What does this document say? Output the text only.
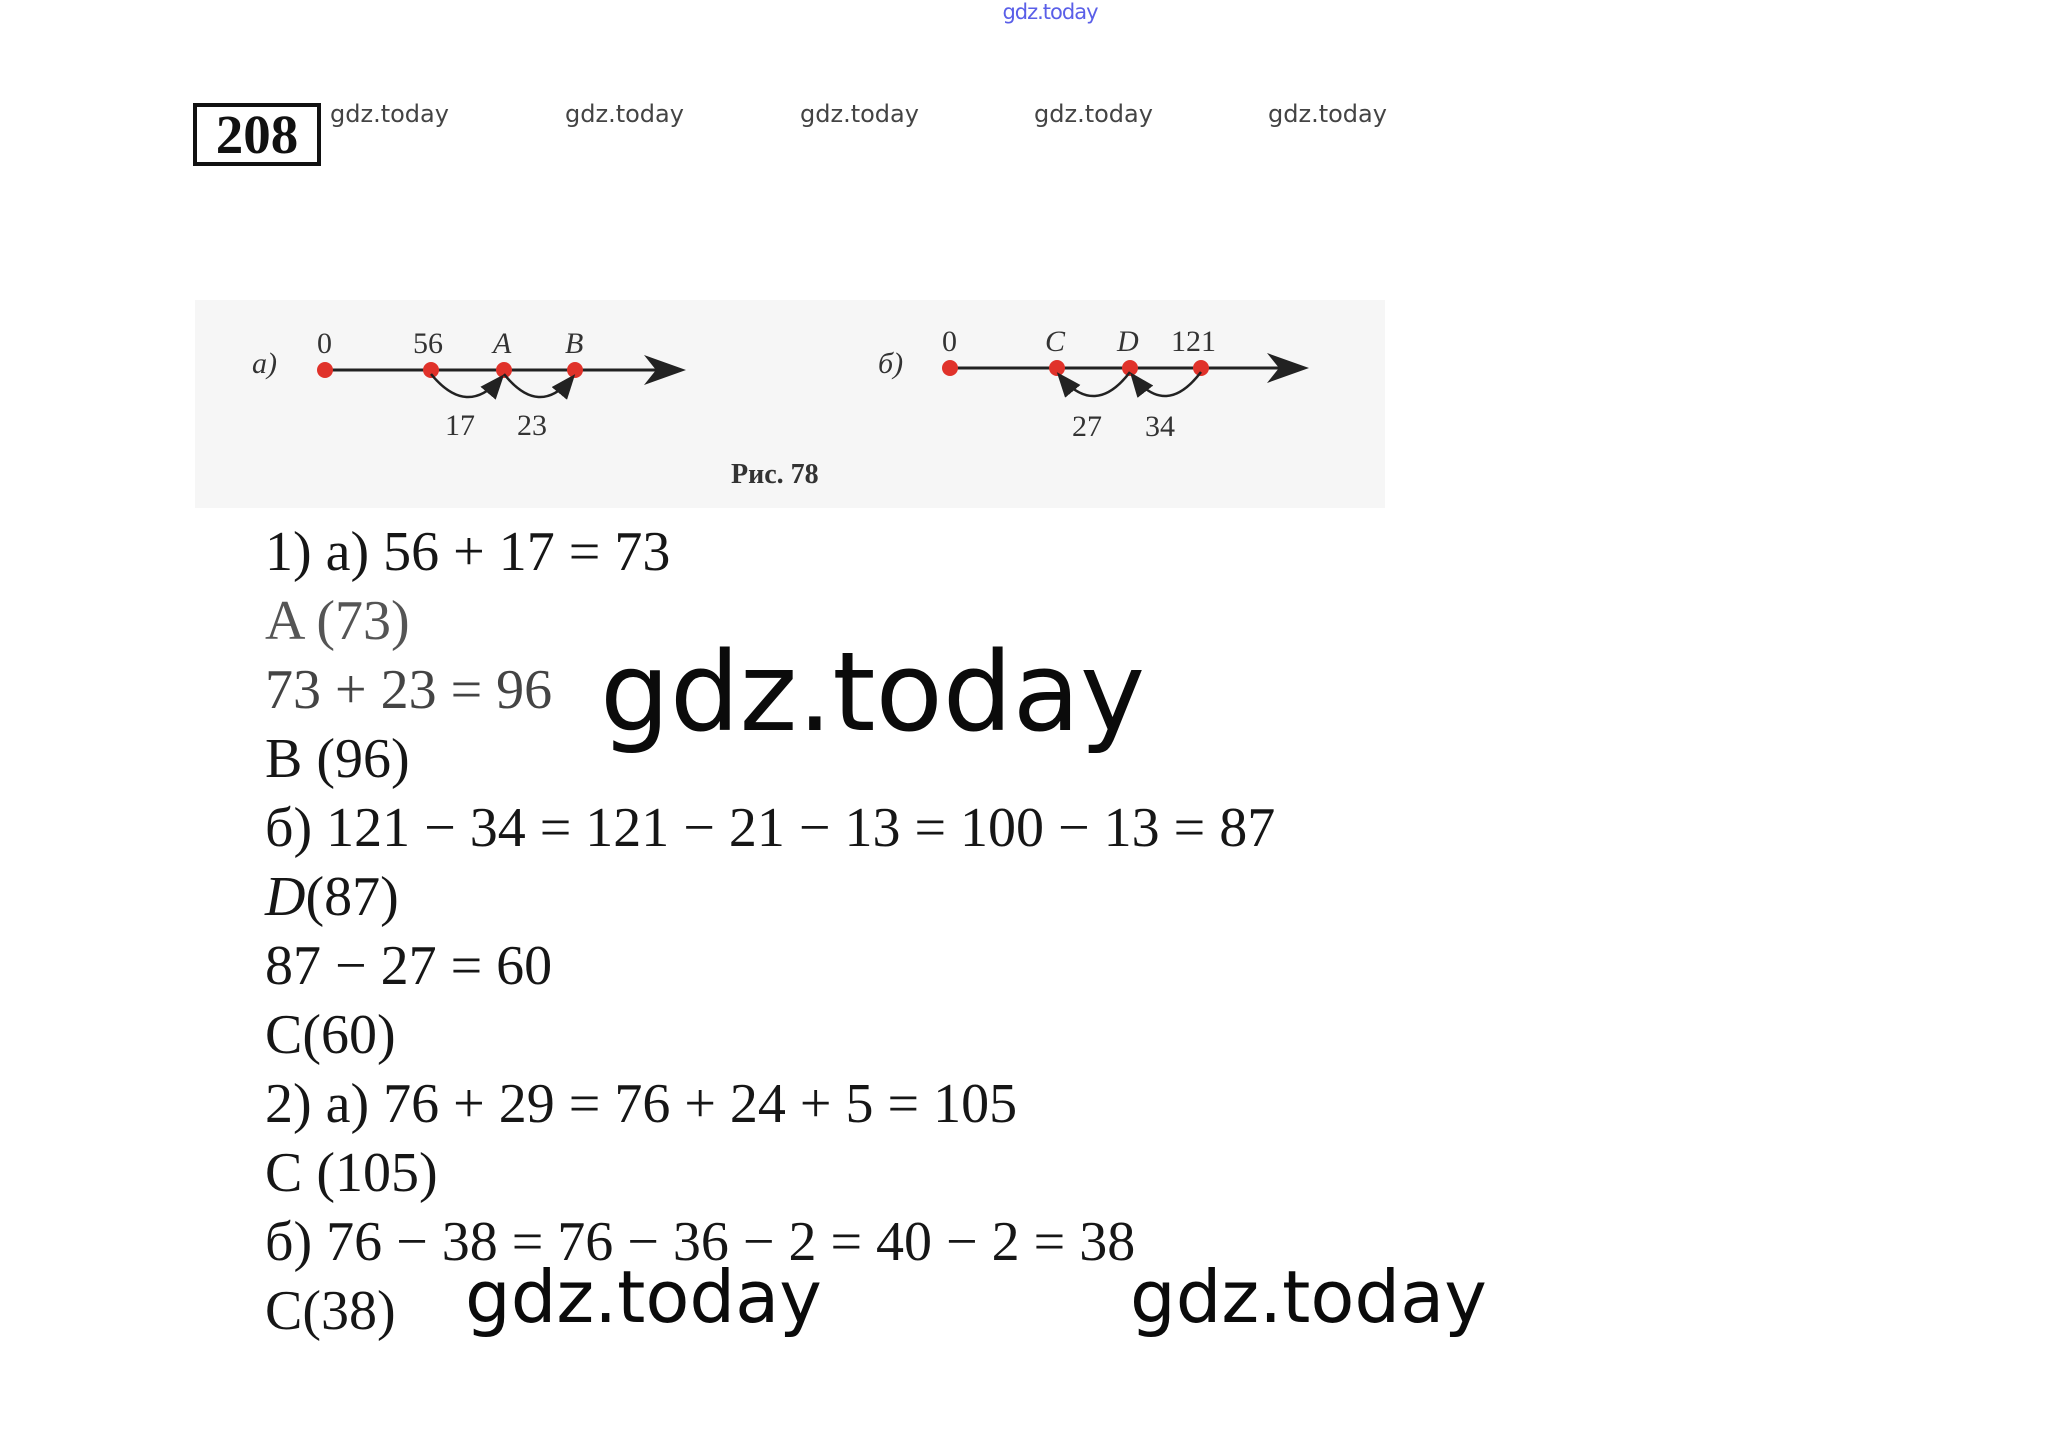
gdz.today
208	gdz.today	gdz.today	gdz.today	gdz.today	gdz.today
а)
0	56 A B
17 23
б)
0	C D 121
27 34
Рис. 78
1) а) 56 + 17 = 73
A (73)
73 + 23 = 96
B (96)
б) 121 − 34 = 121 − 21 − 13 = 100 − 13 = 87
D(87)
87 − 27 = 60
C(60)
2) а) 76 + 29 = 76 + 24 + 5 = 105
C (105)
б) 76 − 38 = 76 − 36 − 2 = 40 − 2 = 38
C(38)
gdz.today
gdz.today	gdz.today
